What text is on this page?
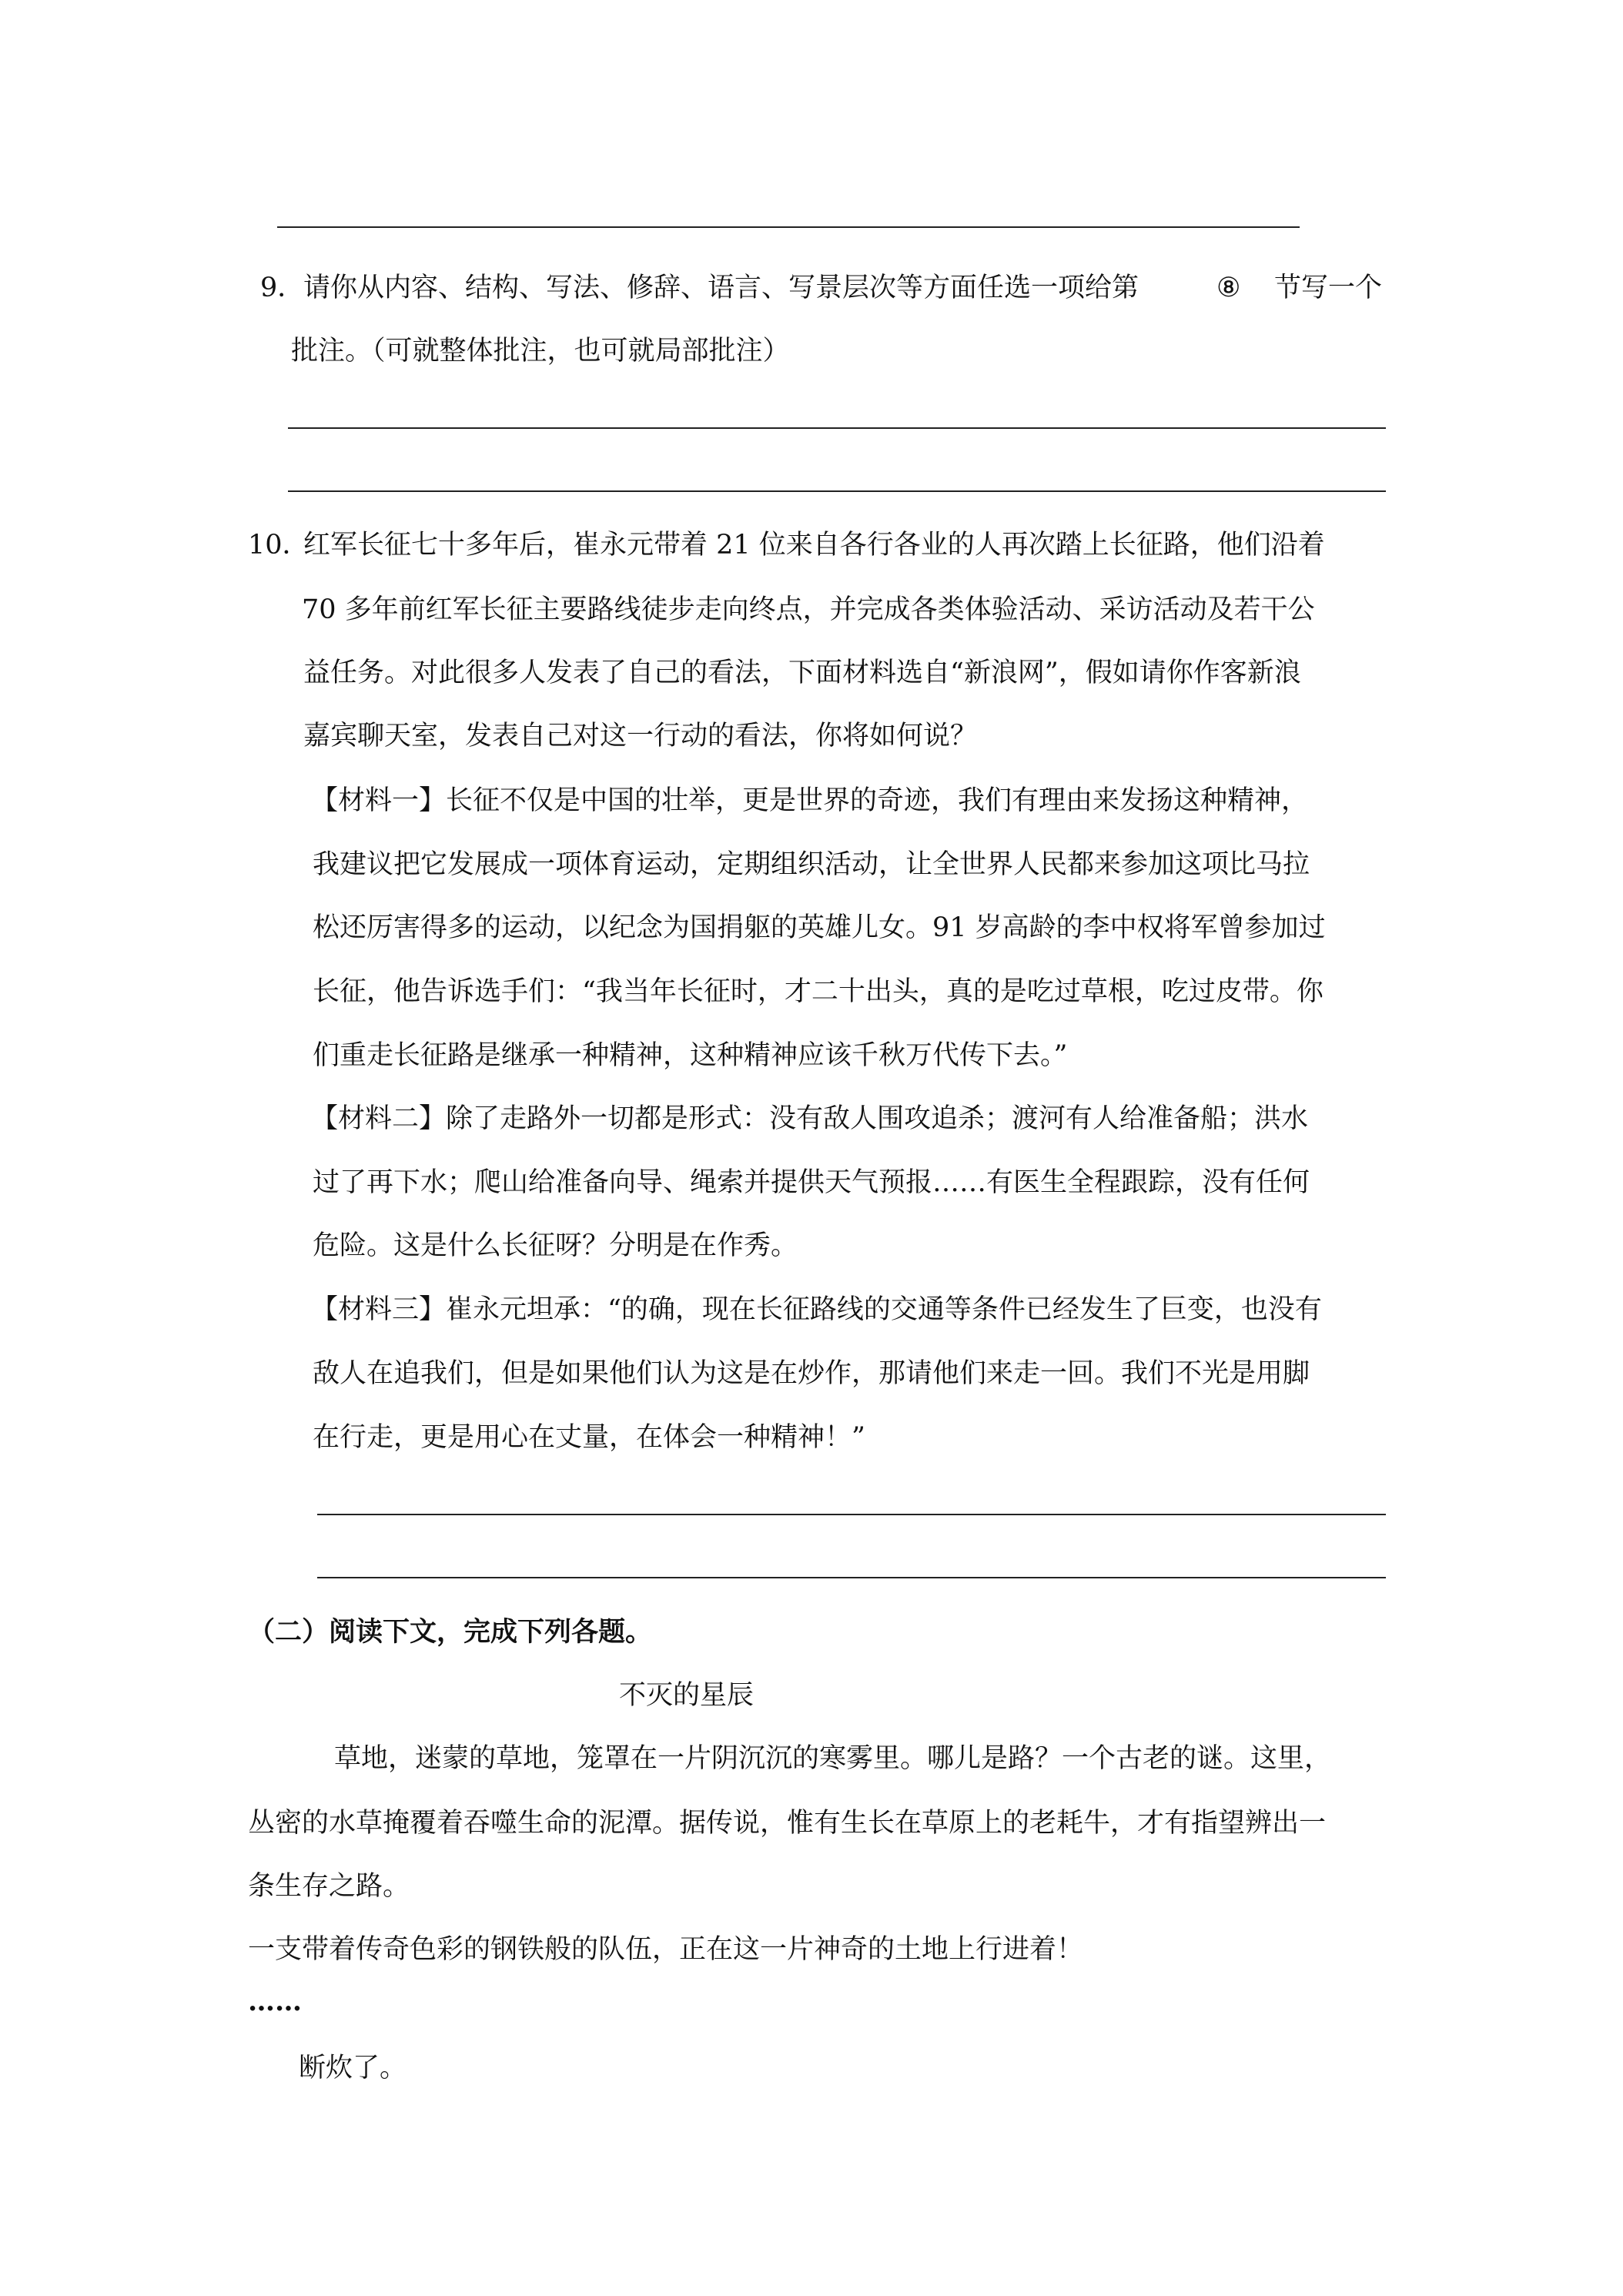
9．
请你从内容、结构、写法、修辞、语言、写景层次等方面任选一项给第	⑧ 节写一个
批注。（可就整体批注，也可就局部批注）
10．
红军长征七十多年后，崔永元带着 21 位来自各行各业的人再次踏上长征路，他们沿着
70 多年前红军长征主要路线徒步走向终点，并完成各类体验活动、采访活动及若干公
益任务。对此很多人发表了自己的看法，下面材料选自“新浪网”，假如请你作客新浪
嘉宾聊天室，发表自己对这一行动的看法，你将如何说？
【材料一】长征不仅是中国的壮举，更是世界的奇迹，我们有理由来发扬这种精神，
我建议把它发展成一项体育运动，定期组织活动，让全世界人民都来参加这项比马拉
松还厉害得多的运动，以纪念为国捐躯的英雄儿女。91 岁高龄的李中权将军曾参加过
长征，他告诉选手们：“我当年长征时，才二十出头，真的是吃过草根，吃过皮带。你
们重走长征路是继承一种精神，这种精神应该千秋万代传下去。”
【材料二】除了走路外一切都是形式：没有敌人围攻追杀；渡河有人给准备船；洪水
过了再下水；爬山给准备向导、绳索并提供天气预报……有医生全程跟踪，没有任何
危险。这是什么长征呀？分明是在作秀。
【材料三】崔永元坦承：“的确，现在长征路线的交通等条件已经发生了巨变，也没有
敌人在追我们，但是如果他们认为这是在炒作，那请他们来走一回。我们不光是用脚
在行走，更是用心在丈量，在体会一种精神！”
（二）阅读下文，完成下列各题。
不灭的星辰
草地，迷蒙的草地，笼罩在一片阴沉沉的寒雾里。哪儿是路？一个古老的谜。这里，
丛密的水草掩覆着吞噬生命的泥潭。据传说，惟有生长在草原上的老耗牛，才有指望辨出一
条生存之路。
一支带着传奇色彩的钢铁般的队伍，正在这一片神奇的土地上行进着！
……
断炊了。
